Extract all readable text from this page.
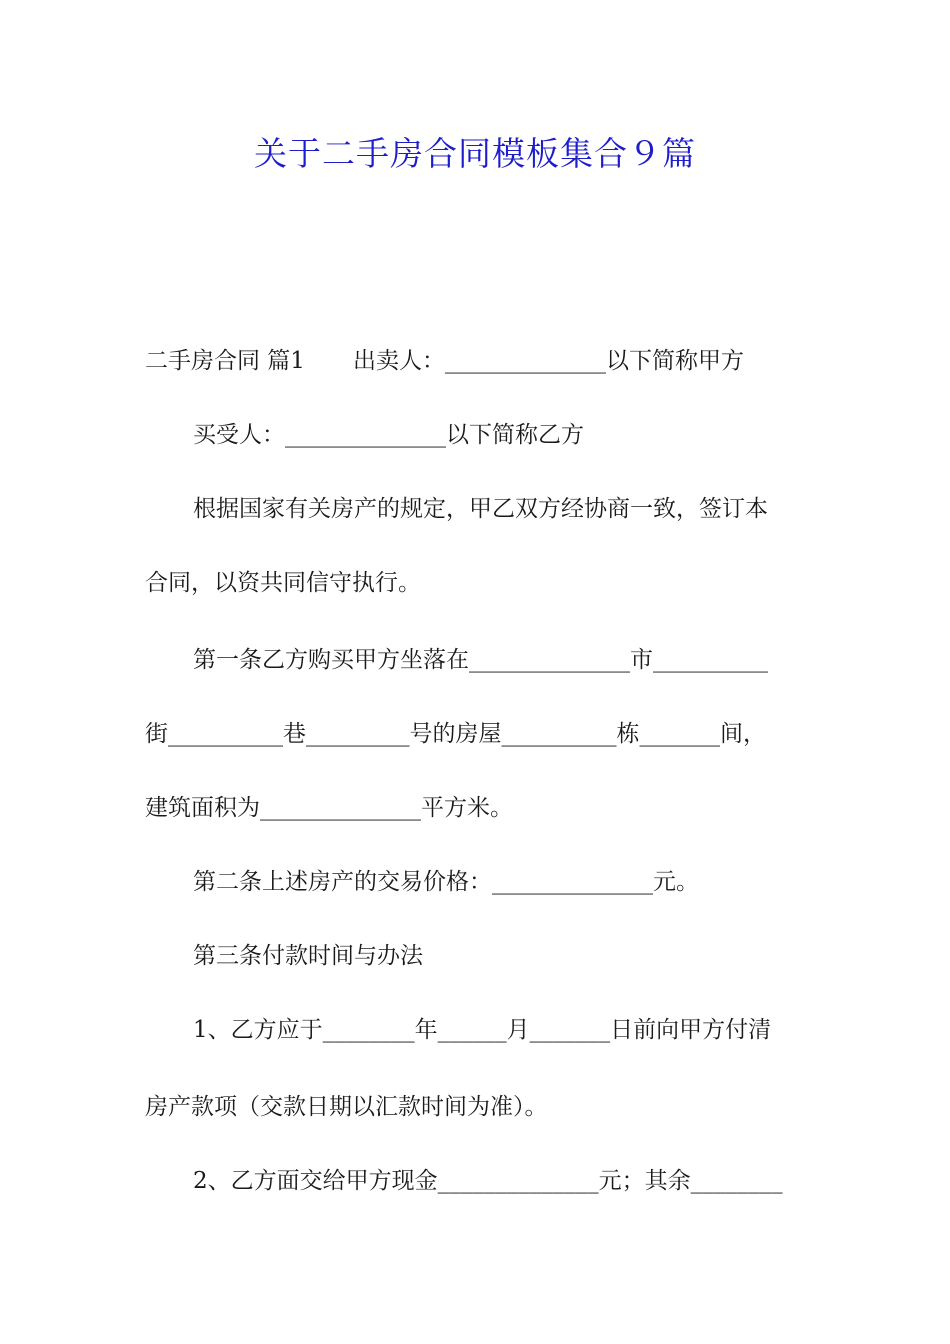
关于二手房合同模板集合９篇
二手房合同 篇1 出卖人：______________以下简称甲方
买受人：______________以下简称乙方
根据国家有关房产的规定，甲乙双方经协商一致，签订本
合同，以资共同信守执行。
第一条乙方购买甲方坐落在______________市__________
街__________巷_________号的房屋__________栋_______间，
建筑面积为______________平方米。
第二条上述房产的交易价格：______________元。
第三条付款时间与办法
1、乙方应于________年______月_______日前向甲方付清
房产款项（交款日期以汇款时间为准）。
2、乙方面交给甲方现金______________元；其余________
